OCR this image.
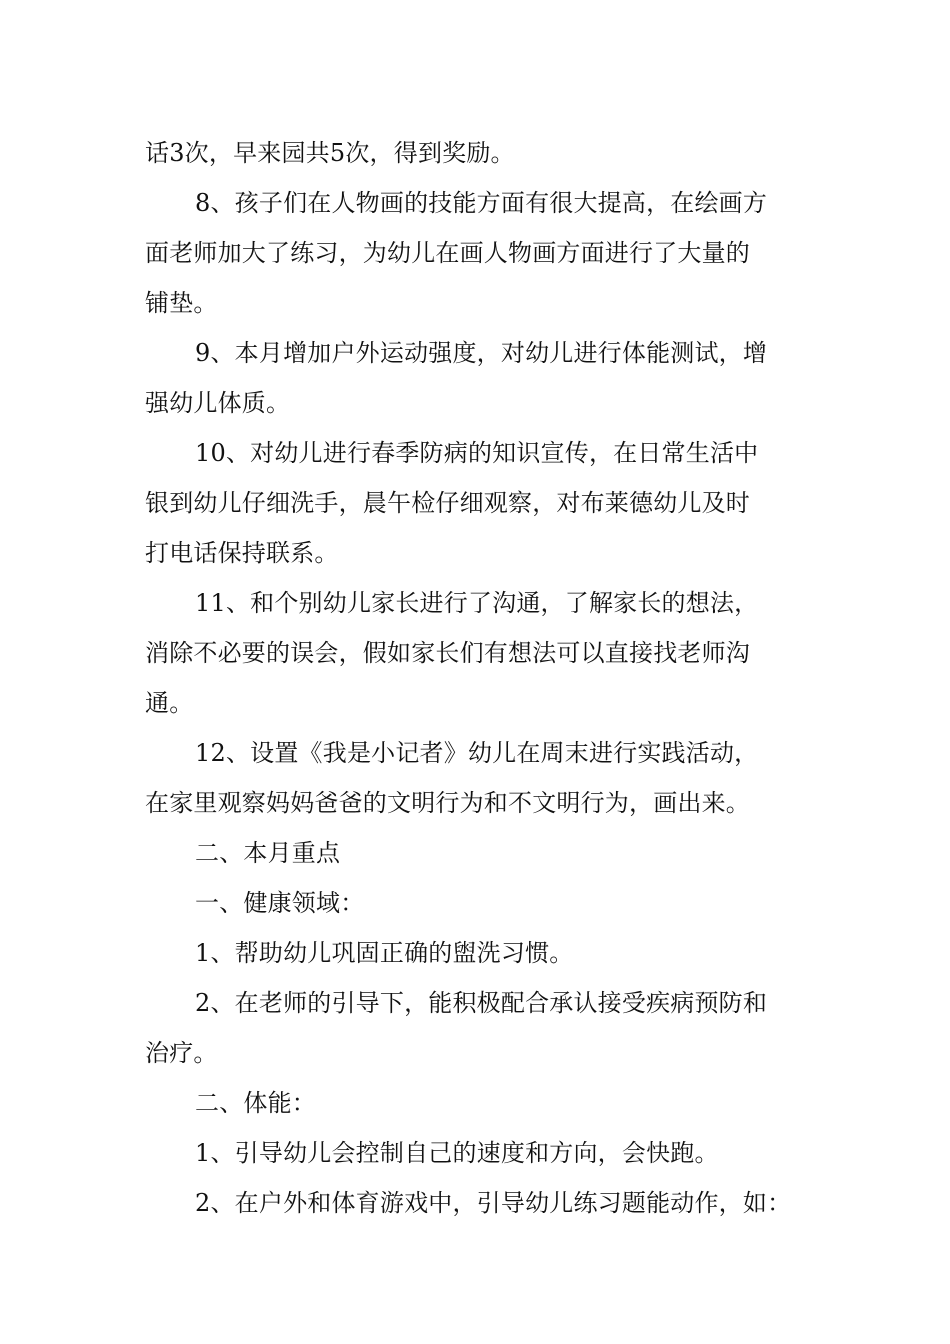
话3次，早来园共5次，得到奖励。
8、孩子们在人物画的技能方面有很大提高，在绘画方
面老师加大了练习，为幼儿在画人物画方面进行了大量的
铺垫。
9、本月增加户外运动强度，对幼儿进行体能测试，增
强幼儿体质。
10、对幼儿进行春季防病的知识宣传，在日常生活中
银到幼儿仔细洗手，晨午检仔细观察，对布莱德幼儿及时
打电话保持联系。
11、和个别幼儿家长进行了沟通，了解家长的想法，
消除不必要的误会，假如家长们有想法可以直接找老师沟
通。
12、设置《我是小记者》幼儿在周末进行实践活动，
在家里观察妈妈爸爸的文明行为和不文明行为，画出来。
二、本月重点
一、健康领域：
1、帮助幼儿巩固正确的盥洗习惯。
2、在老师的引导下，能积极配合承认接受疾病预防和
治疗。
二、体能：
1、引导幼儿会控制自己的速度和方向，会快跑。
2、在户外和体育游戏中，引导幼儿练习题能动作，如：
